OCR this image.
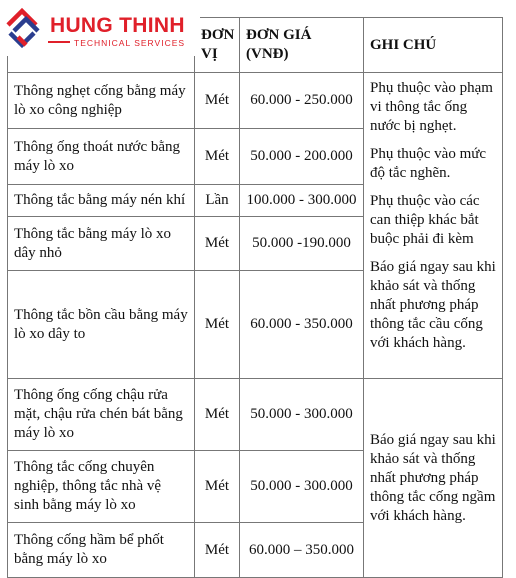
HUNG THINH
TECHNICAL SERVICES
	ĐƠN VỊ	ĐƠN GIÁ (VNĐ)	GHI CHÚ
Thông nghẹt cống bằng máy lò xo công nghiệp	Mét	60.000 - 250.000	Phụ thuộc vào phạm vi thông tắc ống nước bị nghẹt.

Phụ thuộc vào mức độ tắc nghẽn.

Phụ thuộc vào các can thiệp khác bắt buộc phải đi kèm

Báo giá ngay sau khi khảo sát và thống nhất phương pháp thông tắc cầu cống với khách hàng.

Thông ống thoát nước bằng máy lò xo	Mét	50.000 - 200.000	
Thông tắc bằng máy nén khí	Lần	100.000 - 300.000	
Thông tắc bằng máy lò xo dây nhỏ	Mét	50.000 -190.000	
Thông tắc bồn cầu bằng máy lò xo dây to	Mét	60.000 - 350.000	
Thông ống cống chậu rửa mặt, chậu rửa chén bát bằng máy lò xo	Mét	50.000 - 300.000	Báo giá ngay sau khi khảo sát và thống nhất phương pháp thông tắc cống ngầm với khách hàng.

Thông tắc cống chuyên nghiệp, thông tắc nhà vệ sinh bằng máy lò xo	Mét	50.000 - 300.000	
Thông cống hầm bể phốt bằng máy lò xo	Mét	60.000 – 350.000	
